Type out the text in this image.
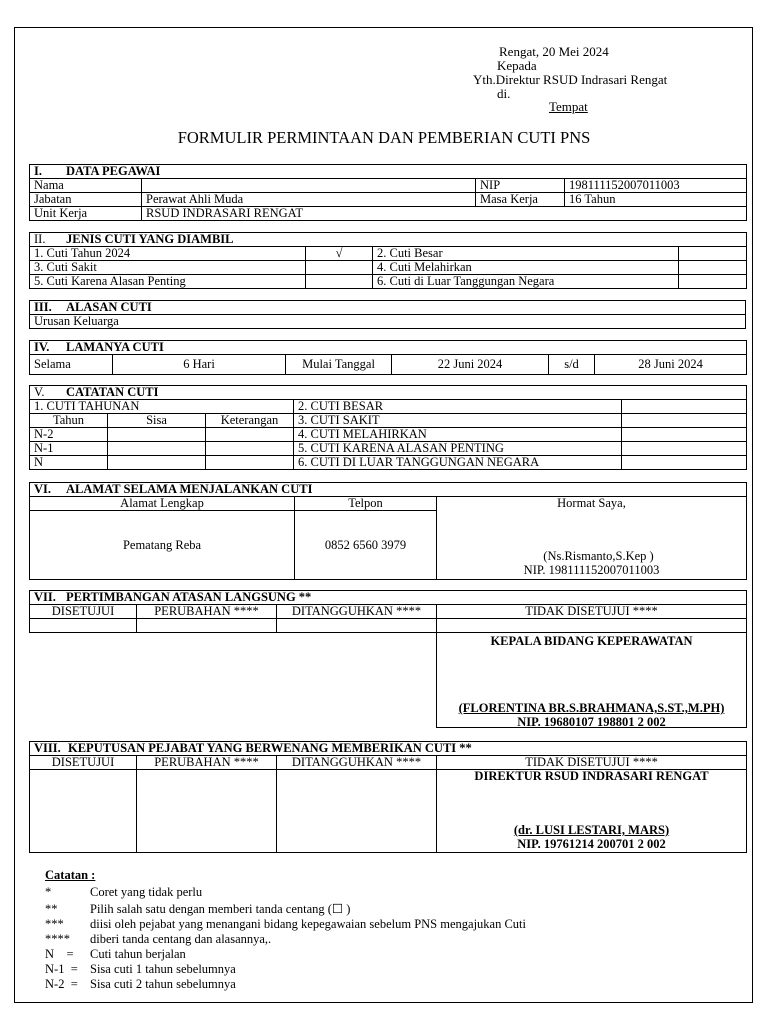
Rengat, 20 Mei 2024
Kepada
Yth.Direktur RSUD Indrasari Rengat
di.
Tempat
FORMULIR PERMINTAAN DAN PEMBERIAN CUTI PNS
I. DATA PEGAWAI			
Nama		NIP	198111152007011003
Jabatan	Perawat Ahli Muda	Masa Kerja	16 Tahun
Unit Kerja	RSUD INDRASARI RENGAT		
II. JENIS CUTI YANG DIAMBIL			
1. Cuti Tahun 2024	√	2. Cuti Besar	
3. Cuti Sakit		4. Cuti Melahirkan	
5. Cuti Karena Alasan Penting		6. Cuti di Luar Tanggungan Negara	
III. ALASAN CUTI
Urusan Keluarga
IV. LAMANYA CUTI
Selama	6 Hari	Mulai Tanggal	22 Juni 2024	s/d	28 Juni 2024
V. CATATAN CUTI				
1. CUTI TAHUNAN			2. CUTI BESAR	
Tahun	Sisa	Keterangan	3. CUTI SAKIT	
N-2			4. CUTI MELAHIRKAN	
N-1			5. CUTI KARENA ALASAN PENTING	
N			6. CUTI DI LUAR TANGGUNGAN NEGARA	
VI. ALAMAT SELAMA MENJALANKAN CUTI		
Alamat Lengkap	Telpon	Hormat Saya,
(Ns.Rismanto,S.Kep )
NIP. 198111152007011003

Pematang Reba	0852 6560 3979	
VII. PERTIMBANGAN ATASAN LANGSUNG **			
DISETUJUI	PERUBAHAN ****	DITANGGUHKAN ****	TIDAK DISETUJUI ****

			KEPALA BIDANG KEPERAWATAN
(FLORENTINA BR.S.BRAHMANA,S.ST.,M.PH)
NIP. 19680107 198801 2 002
VIII. KEPUTUSAN PEJABAT YANG BERWENANG MEMBERIKAN CUTI **			
DISETUJUI	PERUBAHAN ****	DITANGGUHKAN ****	TIDAK DISETUJUI ****

			DIREKTUR RSUD INDRASARI RENGAT
(dr. LUSI LESTARI, MARS)
NIP. 19761214 200701 2 002
Catatan :
*	Coret yang tidak perlu
**	Pilih salah satu dengan memberi tanda centang (☐ )
*** diisi oleh pejabat yang menangani bidang kepegawaian sebelum PNS mengajukan Cuti
**** diberi tanda centang dan alasannya,.
N    = Cuti tahun berjalan
N-1  = Sisa cuti 1 tahun sebelumnya
N-2  = Sisa cuti 2 tahun sebelumnya
